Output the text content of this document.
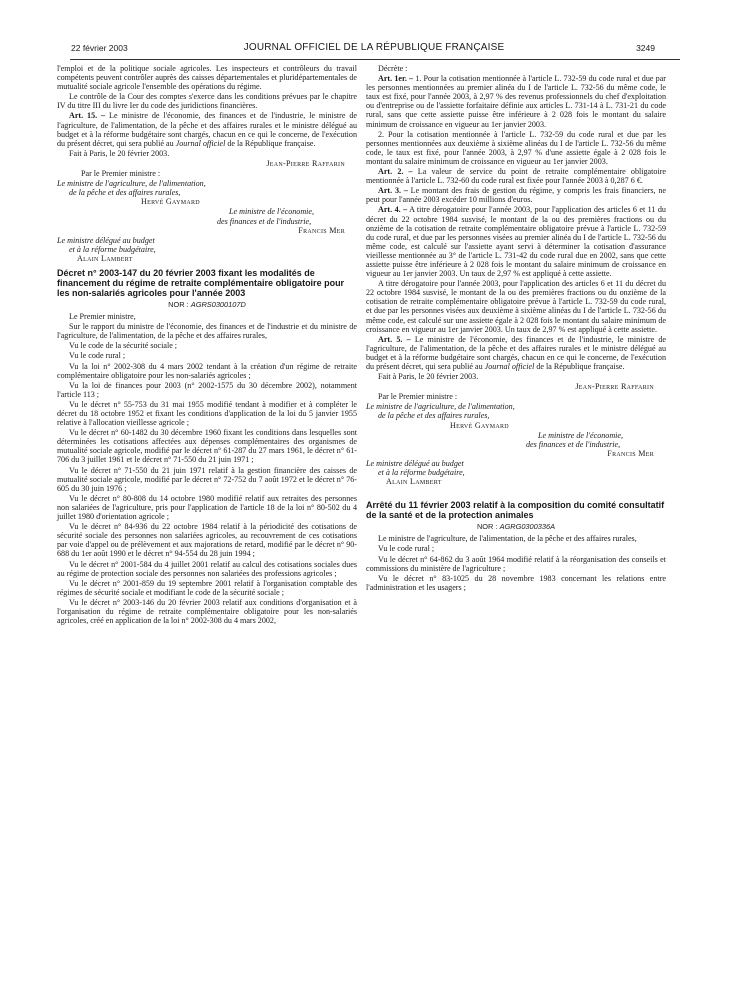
22 février 2003	JOURNAL OFFICIEL DE LA RÉPUBLIQUE FRANÇAISE	3249

l'emploi et de la politique sociale agricoles. Les inspecteurs et contrôleurs du travail compétents peuvent contrôler auprès des caisses départementales et pluridépartementales de mutualité sociale agricole l'ensemble des opérations du régime.

Le contrôle de la Cour des comptes s'exerce dans les conditions prévues par le chapitre IV du titre III du livre Ier du code des juridictions financières.

Art. 15. – Le ministre de l'économie, des finances et de l'industrie, le ministre de l'agriculture, de l'alimentation, de la pêche et des affaires rurales et le ministre délégué au budget et à la réforme budgétaire sont chargés, chacun en ce qui le concerne, de l'exécution du présent décret, qui sera publié au Journal officiel de la République française.

Fait à Paris, le 20 février 2003.

Jean-Pierre Raffarin

Par le Premier ministre :

Le ministre de l'agriculture, de l'alimentation,

de la pêche et des affaires rurales,

Hervé Gaymard

Le ministre de l'économie,

des finances et de l'industrie,

Francis Mer

Le ministre délégué au budget

et à la réforme budgétaire,

Alain Lambert

Décret n° 2003-147 du 20 février 2003 fixant les modalités de financement du régime de retraite complémentaire obligatoire pour les non-salariés agricoles pour l'année 2003

NOR : AGRS0300107D

Le Premier ministre,

Sur le rapport du ministre de l'économie, des finances et de l'industrie et du ministre de l'agriculture, de l'alimentation, de la pêche et des affaires rurales,

Vu le code de la sécurité sociale ;

Vu le code rural ;

Vu la loi n° 2002-308 du 4 mars 2002 tendant à la création d'un régime de retraite complémentaire obligatoire pour les non-salariés agricoles ;

Vu la loi de finances pour 2003 (n° 2002-1575 du 30 décembre 2002), notamment l'article 113 ;

Vu le décret n° 55-753 du 31 mai 1955 modifié tendant à modifier et à compléter le décret du 18 octobre 1952 et fixant les conditions d'application de la loi du 5 janvier 1955 relative à l'allocation vieillesse agricole ;

Vu le décret n° 60-1482 du 30 décembre 1960 fixant les conditions dans lesquelles sont déterminées les cotisations affectées aux dépenses complémentaires des organismes de mutualité sociale agricole, modifié par le décret n° 61-287 du 27 mars 1961, le décret n° 61-706 du 3 juillet 1961 et le décret n° 71-550 du 21 juin 1971 ;

Vu le décret n° 71-550 du 21 juin 1971 relatif à la gestion financière des caisses de mutualité sociale agricole, modifié par le décret n° 72-752 du 7 août 1972 et le décret n° 76-605 du 30 juin 1976 ;

Vu le décret n° 80-808 du 14 octobre 1980 modifié relatif aux retraites des personnes non salariées de l'agriculture, pris pour l'application de l'article 18 de la loi n° 80-502 du 4 juillet 1980 d'orientation agricole ;

Vu le décret n° 84-936 du 22 octobre 1984 relatif à la périodicité des cotisations de sécurité sociale des personnes non salariées agricoles, au recouvrement de ces cotisations par voie d'appel ou de prélèvement et aux majorations de retard, modifié par le décret n° 90-688 du 1er août 1990 et le décret n° 94-554 du 28 juin 1994 ;

Vu le décret n° 2001-584 du 4 juillet 2001 relatif au calcul des cotisations sociales dues au régime de protection sociale des personnes non salariées des professions agricoles ;

Vu le décret n° 2001-859 du 19 septembre 2001 relatif à l'organisation comptable des régimes de sécurité sociale et modifiant le code de la sécurité sociale ;

Vu le décret n° 2003-146 du 20 février 2003 relatif aux conditions d'organisation et à l'organisation du régime de retraite complémentaire obligatoire pour les non-salariés agricoles, créé en application de la loi n° 2002-308 du 4 mars 2002,

Décrète :

Art. 1er. – 1. Pour la cotisation mentionnée à l'article L. 732-59 du code rural et due par les personnes mentionnées au premier alinéa du I de l'article L. 732-56 du même code, le taux est fixé, pour l'année 2003, à 2,97 % des revenus professionnels du chef d'exploitation ou d'entreprise ou de l'assiette forfaitaire définie aux articles L. 731-14 à L. 731-21 du code rural, sans que cette assiette puisse être inférieure à 2 028 fois le montant du salaire minimum de croissance en vigueur au 1er janvier 2003.

2. Pour la cotisation mentionnée à l'article L. 732-59 du code rural et due par les personnes mentionnées aux deuxième à sixième alinéas du I de l'article L. 732-56 du même code, le taux est fixé, pour l'année 2003, à 2,97 % d'une assiette égale à 2 028 fois le montant du salaire minimum de croissance en vigueur au 1er janvier 2003.

Art. 2. – La valeur de service du point de retraite complémentaire obligatoire mentionnée à l'article L. 732-60 du code rural est fixée pour l'année 2003 à 0,287 6 €.

Art. 3. – Le montant des frais de gestion du régime, y compris les frais financiers, ne peut pour l'année 2003 excéder 10 millions d'euros.

Art. 4. – A titre dérogatoire pour l'année 2003, pour l'application des articles 6 et 11 du décret du 22 octobre 1984 susvisé, le montant de la ou des premières fractions ou du onzième de la cotisation de retraite complémentaire obligatoire prévue à l'article L. 732-59 du code rural, et due par les personnes visées au premier alinéa du I de l'article L. 732-56 du même code, est calculé sur l'assiette ayant servi à déterminer la cotisation d'assurance vieillesse mentionnée au 3° de l'article L. 731-42 du code rural due en 2002, sans que cette assiette puisse être inférieure à 2 028 fois le montant du salaire minimum de croissance en vigueur au 1er janvier 2003. Un taux de 2,97 % est appliqué à cette assiette.

A titre dérogatoire pour l'année 2003, pour l'application des articles 6 et 11 du décret du 22 octobre 1984 susvisé, le montant de la ou des premières fractions ou du onzième de la cotisation de retraite complémentaire obligatoire prévue à l'article L. 732-59 du code rural, et due par les personnes visées aux deuxième à sixième alinéas du I de l'article L. 732-56 du même code, est calculé sur une assiette égale à 2 028 fois le montant du salaire minimum de croissance en vigueur au 1er janvier 2003. Un taux de 2,97 % est appliqué à cette assiette.

Art. 5. – Le ministre de l'économie, des finances et de l'industrie, le ministre de l'agriculture, de l'alimentation, de la pêche et des affaires rurales et le ministre délégué au budget et à la réforme budgétaire sont chargés, chacun en ce qui le concerne, de l'exécution du présent décret, qui sera publié au Journal officiel de la République française.

Fait à Paris, le 20 février 2003.

Jean-Pierre Raffarin

Par le Premier ministre :

Le ministre de l'agriculture, de l'alimentation,

de la pêche et des affaires rurales,

Hervé Gaymard

Le ministre de l'économie,

des finances et de l'industrie,

Francis Mer

Le ministre délégué au budget

et à la réforme budgétaire,

Alain Lambert

Arrêté du 11 février 2003 relatif à la composition du comité consultatif de la santé et de la protection animales

NOR : AGRG0300336A

Le ministre de l'agriculture, de l'alimentation, de la pêche et des affaires rurales,

Vu le code rural ;

Vu le décret n° 64-862 du 3 août 1964 modifié relatif à la réorganisation des conseils et commissions du ministère de l'agriculture ;

Vu le décret n° 83-1025 du 28 novembre 1983 concernant les relations entre l'administration et les usagers ;
